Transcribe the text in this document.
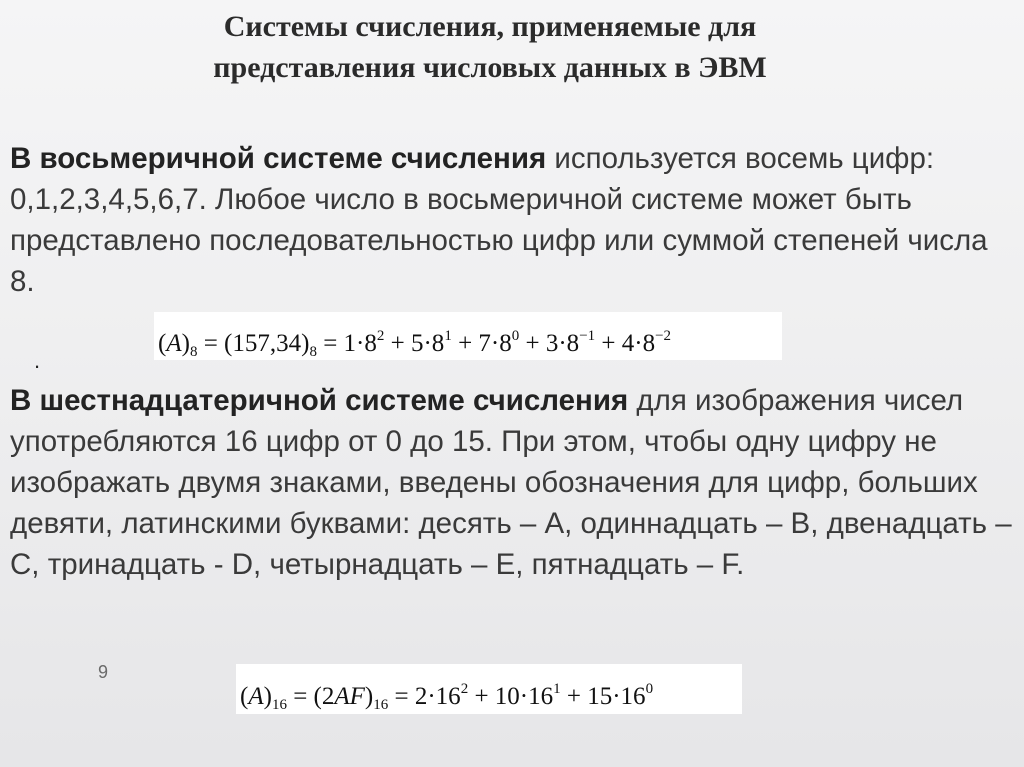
Системы счисления, применяемые для
представления числовых данных в ЭВМ
В восьмеричной системе счисления используется восемь цифр: 0,1,2,3,4,5,6,7. Любое число в восьмеричной системе может быть представлено последовательностью цифр или суммой степеней числа 8.
$(A)_8 = (157,34)_8 = 1\cdot 8^2 + 5\cdot 8^1 + 7\cdot 8^0 + 3\cdot 8^{-1} + 4\cdot 8^{-2}$
.
В шестнадцатеричной системе счисления для изображения чисел употребляются 16 цифр от 0 до 15. При этом, чтобы одну цифру не изображать двумя знаками, введены обозначения для цифр, больших девяти, латинскими буквами: десять – A, одиннадцать – B, двенадцать – C, тринадцать - D, четырнадцать – E, пятнадцать – F.
9
$(A)_{16} = (2AF)_{16} = 2\cdot 16^2 + 10\cdot 16^1 + 15\cdot 16^0$
